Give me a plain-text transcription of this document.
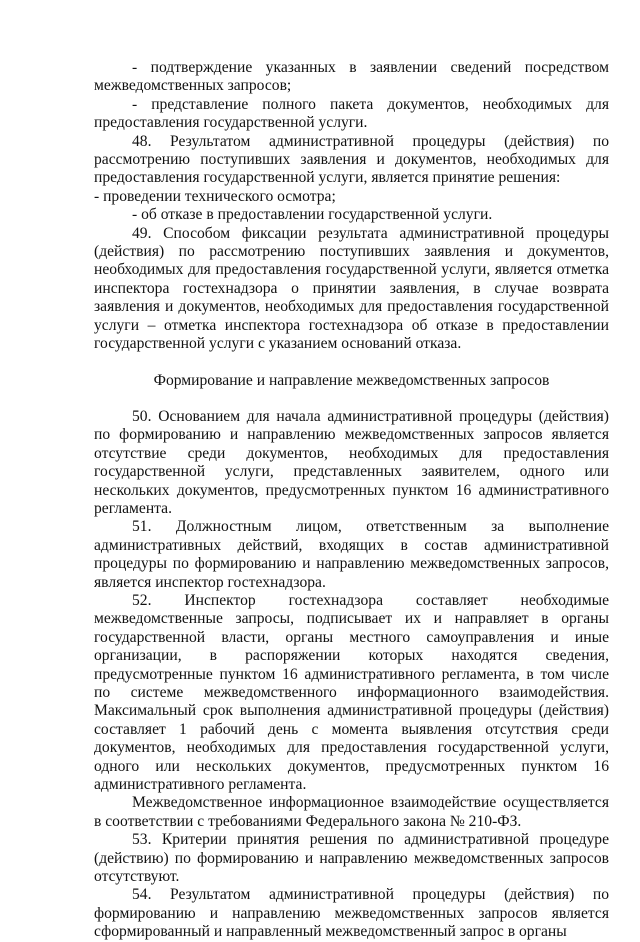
- подтверждение указанных в заявлении сведений посредством межведомственных запросов;

- представление полного пакета документов, необходимых для предоставления государственной услуги.

48. Результатом административной процедуры (действия) по рассмотрению поступивших заявления и документов, необходимых для предоставления государственной услуги, является принятие решения:

- проведении технического осмотра;

- об отказе в предоставлении государственной услуги.

49. Способом фиксации результата административной процедуры (действия) по рассмотрению поступивших заявления и документов, необходимых для предоставления государственной услуги, является отметка инспектора гостехнадзора о принятии заявления, в случае возврата заявления и документов, необходимых для предоставления государственной услуги – отметка инспектора гостехнадзора об отказе в предоставлении государственной услуги с указанием оснований отказа.

Формирование и направление межведомственных запросов

50. Основанием для начала административной процедуры (действия) по формированию и направлению межведомственных запросов является отсутствие среди документов, необходимых для предоставления государственной услуги, представленных заявителем, одного или нескольких документов, предусмотренных пунктом 16 административного регламента.

51. Должностным лицом, ответственным за выполнение административных действий, входящих в состав административной процедуры по формированию и направлению межведомственных запросов, является инспектор гостехнадзора.

52. Инспектор гостехнадзора составляет необходимые межведомственные запросы, подписывает их и направляет в органы государственной власти, органы местного самоуправления и иные организации, в распоряжении которых находятся сведения, предусмотренные пунктом 16 административного регламента, в том числе по системе межведомственного информационного взаимодействия. Максимальный срок выполнения административной процедуры (действия) составляет 1 рабочий день с момента выявления отсутствия среди документов, необходимых для предоставления государственной услуги, одного или нескольких документов, предусмотренных пунктом 16 административного регламента.

Межведомственное информационное взаимодействие осуществляется в соответствии с требованиями Федерального закона № 210-ФЗ.

53. Критерии принятия решения по административной процедуре (действию) по формированию и направлению межведомственных запросов отсутствуют.

54. Результатом административной процедуры (действия) по формированию и направлению межведомственных запросов является сформированный и направленный межведомственный запрос в органы
